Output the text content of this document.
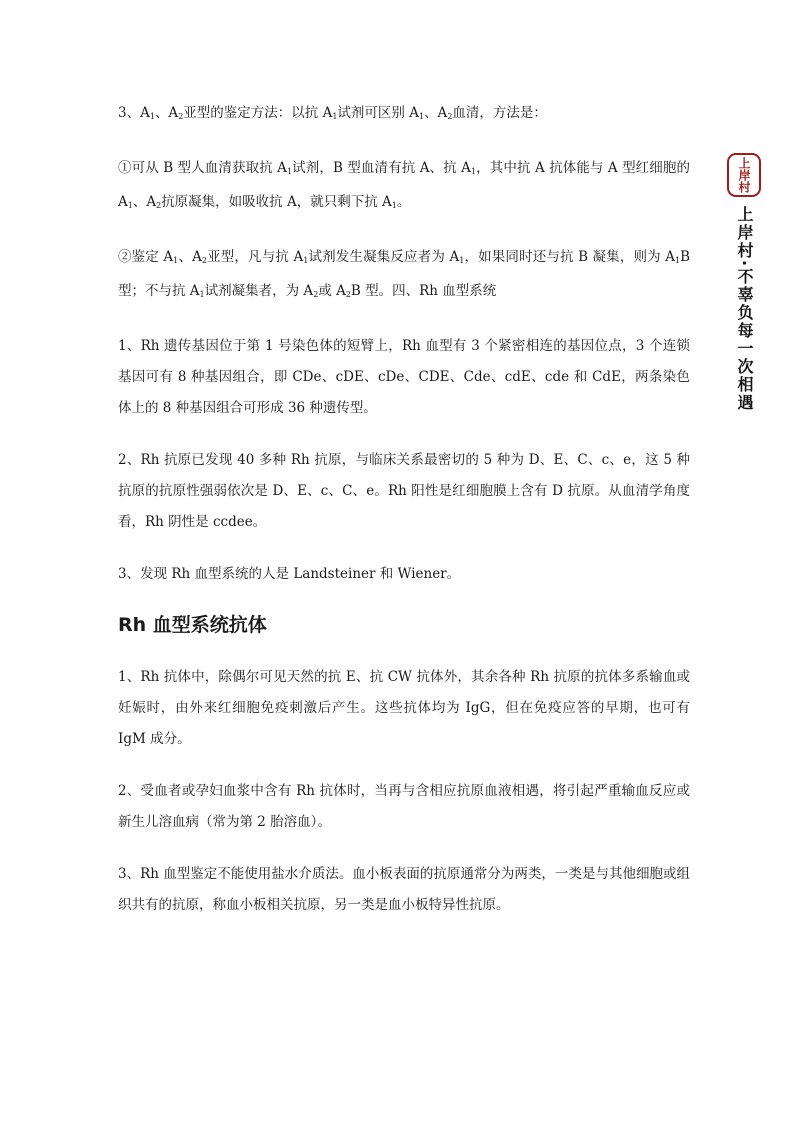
上岸村
上岸村·不辜负每一次相遇

3、$A_1$、$A_2$亚型的鉴定方法：以抗 $A_1$试剂可区别 $A_1$、$A_2$血清，方法是：

①可从 B 型人血清获取抗 $A_1$试剂，B 型血清有抗 A、抗 $A_1$，其中抗 A 抗体能与 A 型红细胞的 $A_1$、$A_2$抗原凝集，如吸收抗 A，就只剩下抗 $A_1$。

②鉴定 $A_1$、$A_2$亚型，凡与抗 $A_1$试剂发生凝集反应者为 $A_1$，如果同时还与抗 B 凝集，则为 $A_1B$ 型；不与抗 $A_1$试剂凝集者，为 $A_2$或 $A_2B$ 型。四、Rh 血型系统

1、Rh 遗传基因位于第 1 号染色体的短臂上，Rh 血型有 3 个紧密相连的基因位点，3 个连锁基因可有 8 种基因组合，即 CDe、cDE、cDe、CDE、Cde、cdE、cde 和 CdE，两条染色体上的 8 种基因组合可形成 36 种遗传型。

2、Rh 抗原已发现 40 多种 Rh 抗原，与临床关系最密切的 5 种为 D、E、C、c、e，这 5 种抗原的抗原性强弱依次是 D、E、c、C、e。Rh 阳性是红细胞膜上含有 D 抗原。从血清学角度看，Rh 阴性是 ccdee。

3、发现 Rh 血型系统的人是 Landsteiner 和 Wiener。

Rh 血型系统抗体

1、Rh 抗体中，除偶尔可见天然的抗 E、抗 CW 抗体外，其余各种 Rh 抗原的抗体多系输血或妊娠时，由外来红细胞免疫刺激后产生。这些抗体均为 IgG，但在免疫应答的早期，也可有 IgM 成分。

2、受血者或孕妇血浆中含有 Rh 抗体时，当再与含相应抗原血液相遇，将引起严重输血反应或新生儿溶血病（常为第 2 胎溶血）。

3、Rh 血型鉴定不能使用盐水介质法。血小板表面的抗原通常分为两类，一类是与其他细胞或组织共有的抗原，称血小板相关抗原，另一类是血小板特异性抗原。
